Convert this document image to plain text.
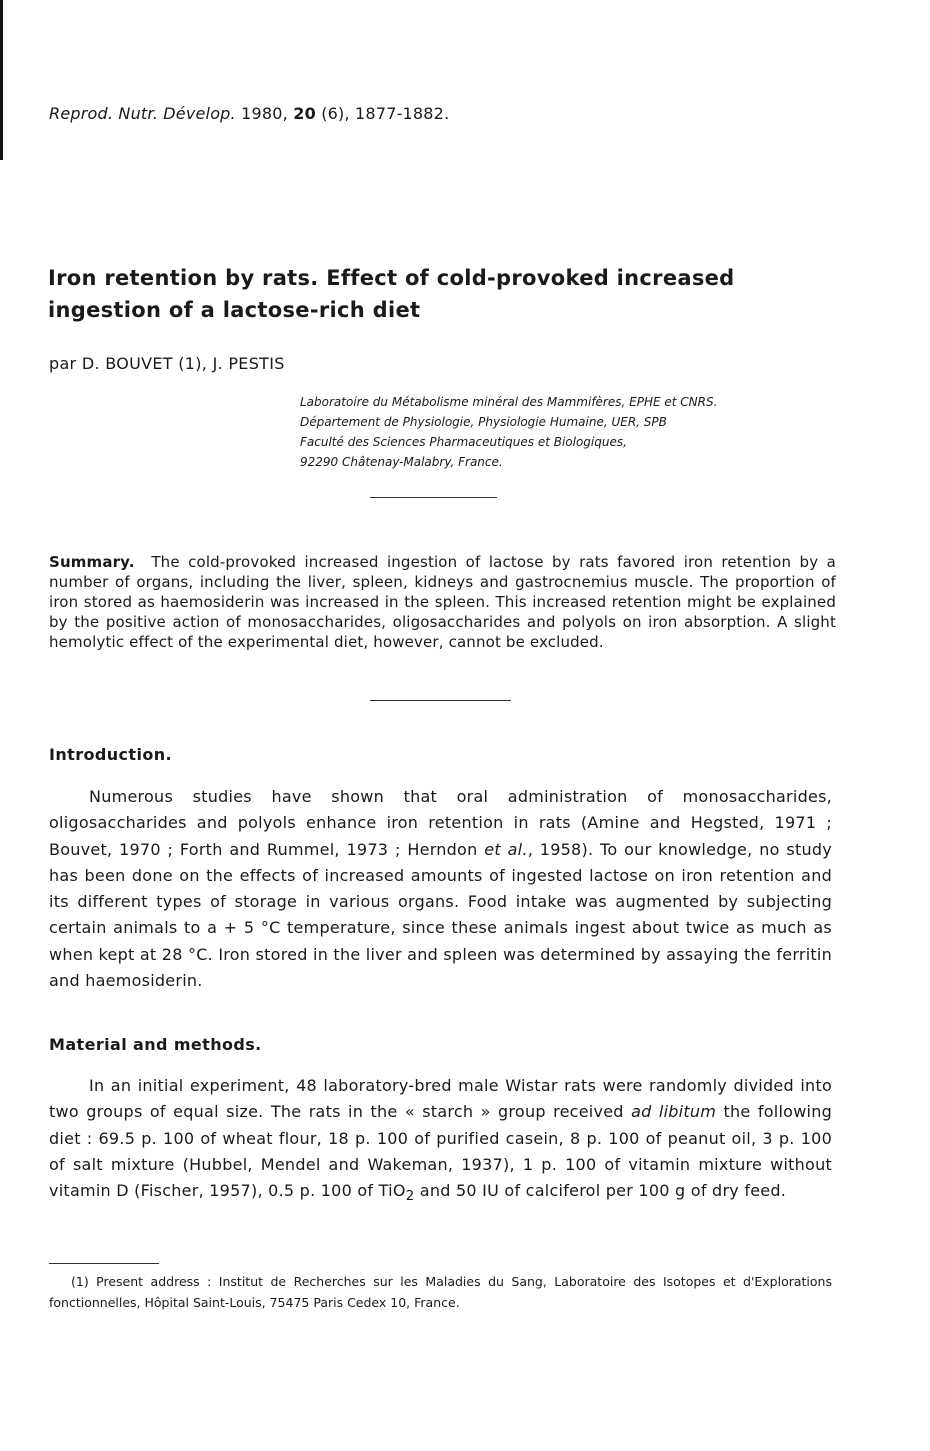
Reprod. Nutr. Dévelop. 1980, 20 (6), 1877-1882.
Iron retention by rats. Effect of cold-provoked increased ingestion of a lactose-rich diet
par D. BOUVET (1), J. PESTIS
Laboratoire du Métabolisme minéral des Mammifères, EPHE et CNRS.
Département de Physiologie, Physiologie Humaine, UER, SPB
Faculté des Sciences Pharmaceutiques et Biologiques,
92290 Châtenay-Malabry, France.
Summary. The cold-provoked increased ingestion of lactose by rats favored iron retention by a number of organs, including the liver, spleen, kidneys and gastrocnemius muscle. The proportion of iron stored as haemosiderin was increased in the spleen. This increased retention might be explained by the positive action of monosaccharides, oligosaccharides and polyols on iron absorption. A slight hemolytic effect of the experimental diet, however, cannot be excluded.
Introduction.
Numerous studies have shown that oral administration of monosaccharides, oligosaccharides and polyols enhance iron retention in rats (Amine and Hegsted, 1971 ; Bouvet, 1970 ; Forth and Rummel, 1973 ; Herndon et al., 1958). To our knowledge, no study has been done on the effects of increased amounts of ingested lactose on iron retention and its different types of storage in various organs. Food intake was augmented by subjecting certain animals to a + 5 °C temperature, since these animals ingest about twice as much as when kept at 28 °C. Iron stored in the liver and spleen was determined by assaying the ferritin and haemosiderin.
Material and methods.
In an initial experiment, 48 laboratory-bred male Wistar rats were randomly divided into two groups of equal size. The rats in the « starch » group received ad libitum the following diet : 69.5 p. 100 of wheat flour, 18 p. 100 of purified casein, 8 p. 100 of peanut oil, 3 p. 100 of salt mixture (Hubbel, Mendel and Wakeman, 1937), 1 p. 100 of vitamin mixture without vitamin D (Fischer, 1957), 0.5 p. 100 of TiO$_2$ and 50 IU of calciferol per 100 g of dry feed.
(1) Present address : Institut de Recherches sur les Maladies du Sang, Laboratoire des Isotopes et d'Explorations fonctionnelles, Hôpital Saint-Louis, 75475 Paris Cedex 10, France.
